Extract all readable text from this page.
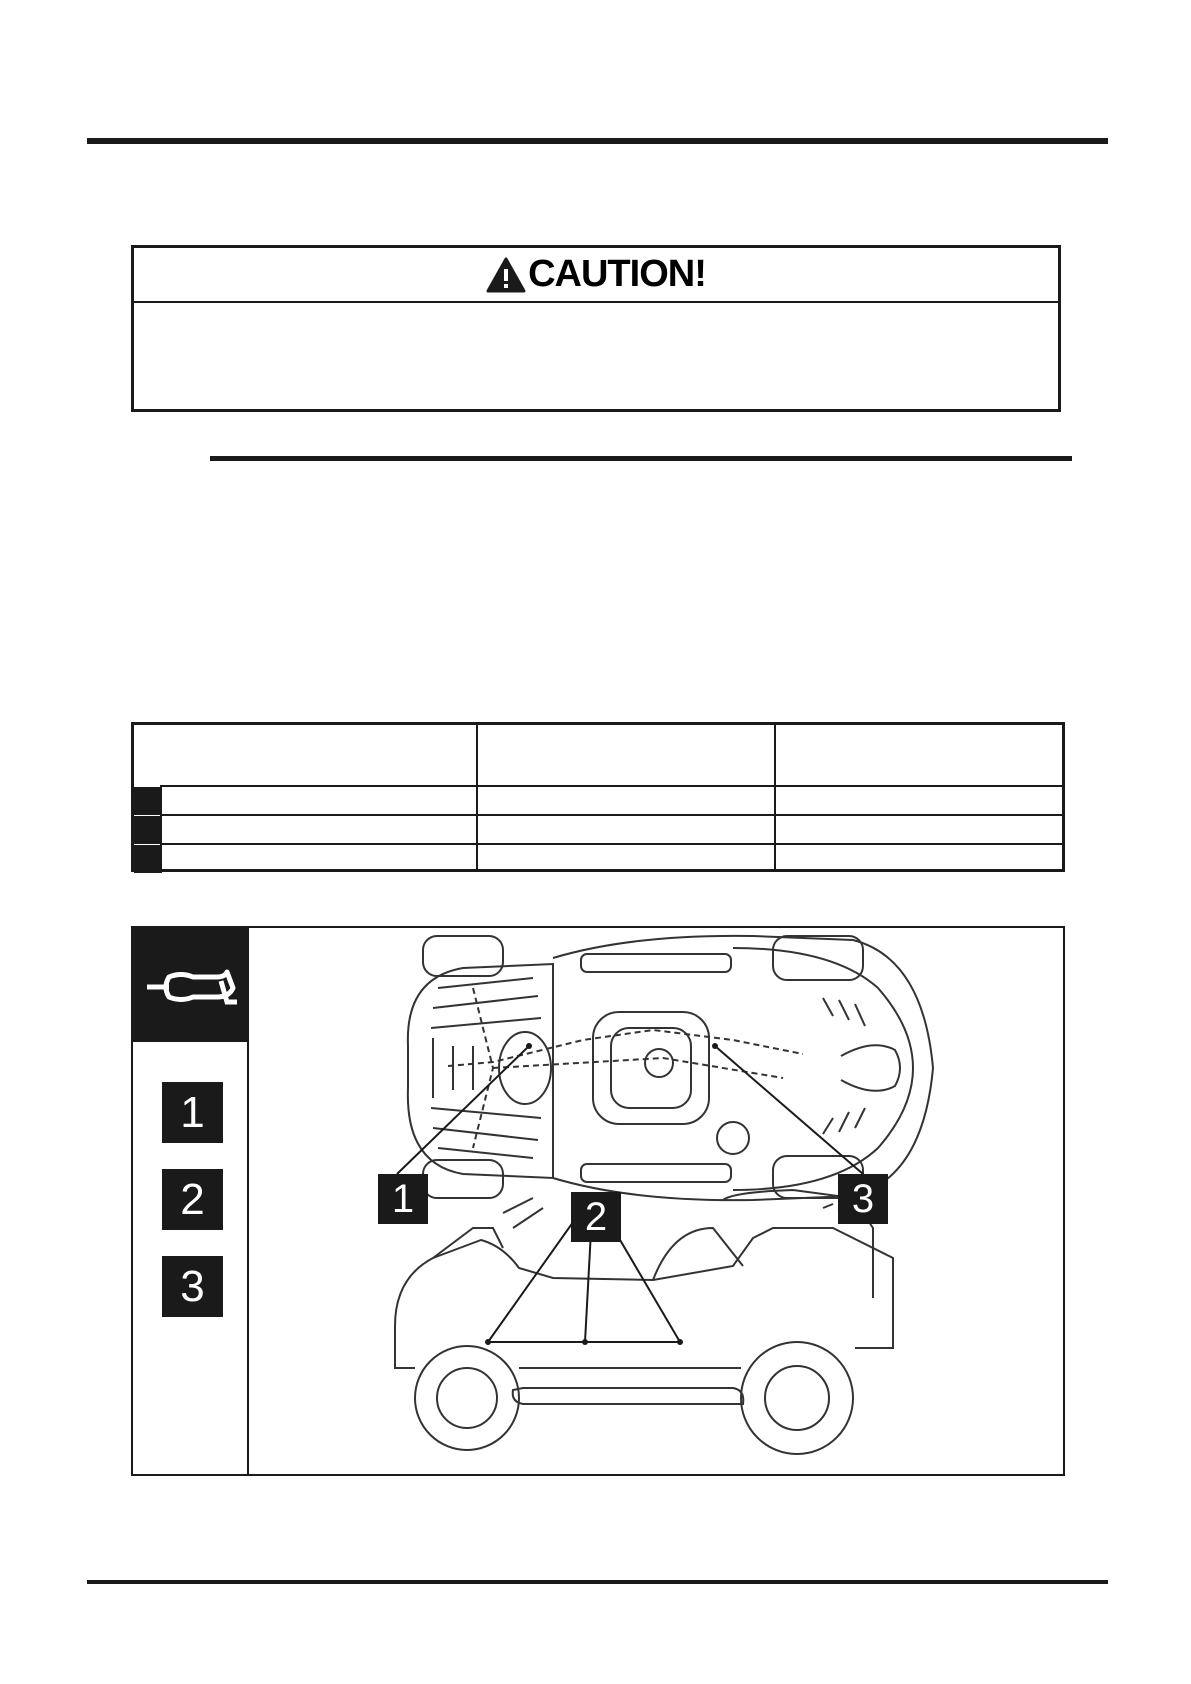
CAUTION!
1
2
3
1	2	3
